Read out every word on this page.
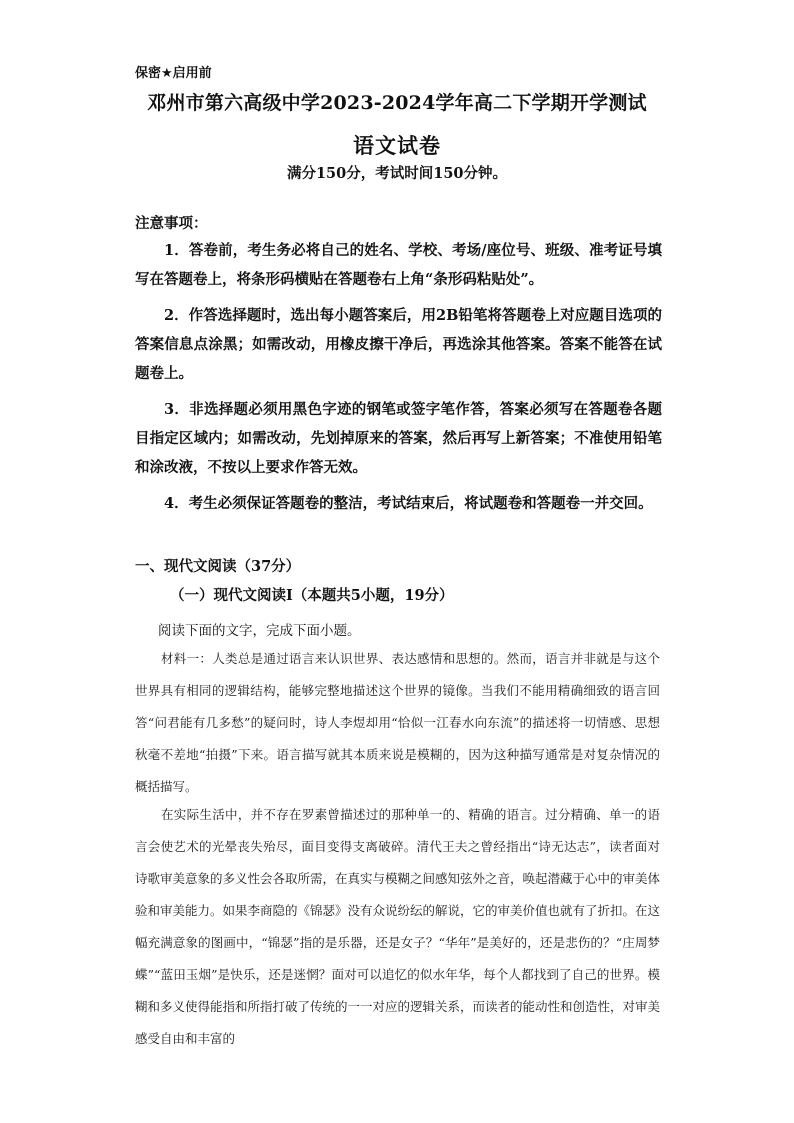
保密★启用前
邓州市第六高级中学2023-2024学年高二下学期开学测试
语文试卷
满分150分，考试时间150分钟。
注意事项：

1．答卷前，考生务必将自己的姓名、学校、考场/座位号、班级、准考证号填写在答题卷上，将条形码横贴在答题卷右上角“条形码粘贴处”。

2．作答选择题时，选出每小题答案后，用2B铅笔将答题卷上对应题目选项的答案信息点涂黑；如需改动，用橡皮擦干净后，再选涂其他答案。答案不能答在试题卷上。

3．非选择题必须用黑色字迹的钢笔或签字笔作答，答案必须写在答题卷各题目指定区域内；如需改动，先划掉原来的答案，然后再写上新答案；不准使用铅笔和涂改液，不按以上要求作答无效。

4．考生必须保证答题卷的整洁，考试结束后，将试题卷和答题卷一并交回。

一、现代文阅读（37分）
（一）现代文阅读Ⅰ（本题共5小题，19分）
阅读下面的文字，完成下面小题。

材料一：人类总是通过语言来认识世界、表达感情和思想的。然而，语言并非就是与这个世界具有相同的逻辑结构，能够完整地描述这个世界的镜像。当我们不能用精确细致的语言回答“问君能有几多愁”的疑问时，诗人李煜却用“恰似一江春水向东流”的描述将一切情感、思想秋毫不差地“拍摄”下来。语言描写就其本质来说是模糊的，因为这种描写通常是对复杂情况的概括描写。

在实际生活中，并不存在罗素曾描述过的那种单一的、精确的语言。过分精确、单一的语言会使艺术的光晕丧失殆尽，面目变得支离破碎。清代王夫之曾经指出“诗无达志”，读者面对诗歌审美意象的多义性会各取所需，在真实与模糊之间感知弦外之音，唤起潜藏于心中的审美体验和审美能力。如果李商隐的《锦瑟》没有众说纷纭的解说，它的审美价值也就有了折扣。在这幅充满意象的图画中，“锦瑟”指的是乐器，还是女子？“华年”是美好的，还是悲伤的？“庄周梦蝶”“蓝田玉烟”是快乐，还是迷惘？面对可以追忆的似水年华，每个人都找到了自己的世界。模糊和多义使得能指和所指打破了传统的一一对应的逻辑关系，而读者的能动性和创造性，对审美感受自由和丰富的
